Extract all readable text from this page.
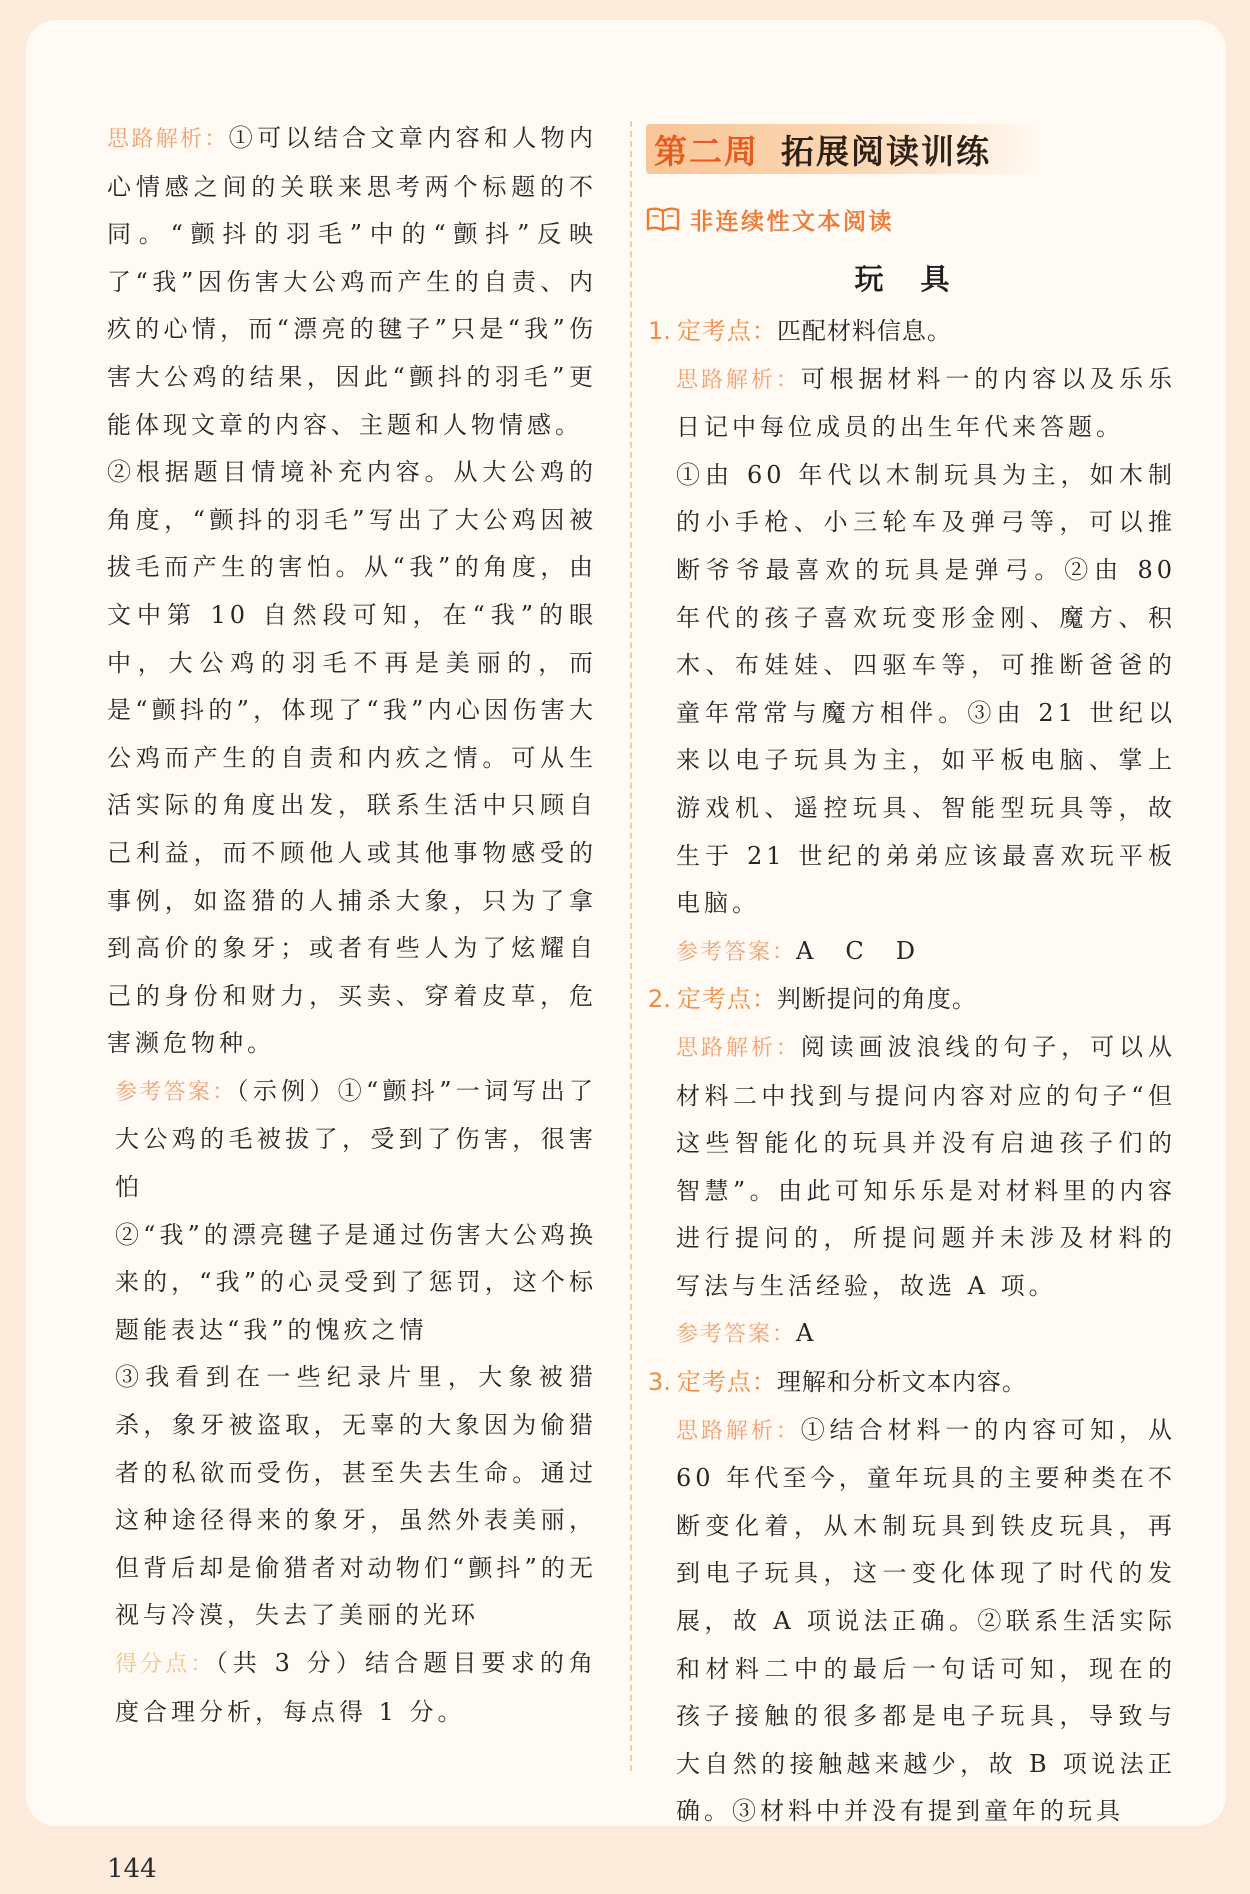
思路解析：①可以结合文章内容和人物内心情感之间的关联来思考两个标题的不同。“颤抖的羽毛”中的“颤抖”反映了“我”因伤害大公鸡而产生的自责、内疚的心情，而“漂亮的毽子”只是“我”伤害大公鸡的结果，因此“颤抖的羽毛”更能体现文章的内容、主题和人物情感。

②根据题目情境补充内容。从大公鸡的角度，“颤抖的羽毛”写出了大公鸡因被拔毛而产生的害怕。从“我”的角度，由文中第 10 自然段可知，在“我”的眼中，大公鸡的羽毛不再是美丽的，而是“颤抖的”，体现了“我”内心因伤害大公鸡而产生的自责和内疚之情。可从生活实际的角度出发，联系生活中只顾自己利益，而不顾他人或其他事物感受的事例，如盗猎的人捕杀大象，只为了拿到高价的象牙；或者有些人为了炫耀自己的身份和财力，买卖、穿着皮草，危害濒危物种。

参考答案：（示例）①“颤抖”一词写出了大公鸡的毛被拔了，受到了伤害，很害怕

②“我”的漂亮毽子是通过伤害大公鸡换来的，“我”的心灵受到了惩罚，这个标题能表达“我”的愧疚之情

③我看到在一些纪录片里，大象被猎杀，象牙被盗取，无辜的大象因为偷猎者的私欲而受伤，甚至失去生命。通过这种途径得来的象牙，虽然外表美丽，但背后却是偷猎者对动物们“颤抖”的无视与冷漠，失去了美丽的光环

得分点：（共 3 分）结合题目要求的角度合理分析，每点得 1 分。

第二周 拓展阅读训练
非连续性文本阅读
玩　具

1. 定考点：匹配材料信息。

思路解析：可根据材料一的内容以及乐乐日记中每位成员的出生年代来答题。

①由 60 年代以木制玩具为主，如木制的小手枪、小三轮车及弹弓等，可以推断爷爷最喜欢的玩具是弹弓。②由 80 年代的孩子喜欢玩变形金刚、魔方、积木、布娃娃、四驱车等，可推断爸爸的童年常常与魔方相伴。③由 21 世纪以来以电子玩具为主，如平板电脑、掌上游戏机、遥控玩具、智能型玩具等，故生于 21 世纪的弟弟应该最喜欢玩平板电脑。

参考答案：A　C　D

2. 定考点：判断提问的角度。

思路解析：阅读画波浪线的句子，可以从材料二中找到与提问内容对应的句子“但这些智能化的玩具并没有启迪孩子们的智慧”。由此可知乐乐是对材料里的内容进行提问的，所提问题并未涉及材料的写法与生活经验，故选 A 项。

参考答案：A

3. 定考点：理解和分析文本内容。

思路解析：①结合材料一的内容可知，从 60 年代至今，童年玩具的主要种类在不断变化着，从木制玩具到铁皮玩具，再到电子玩具，这一变化体现了时代的发展，故 A 项说法正确。②联系生活实际和材料二中的最后一句话可知，现在的孩子接触的很多都是电子玩具，导致与大自然的接触越来越少，故 B 项说法正确。③材料中并没有提到童年的玩具

144
